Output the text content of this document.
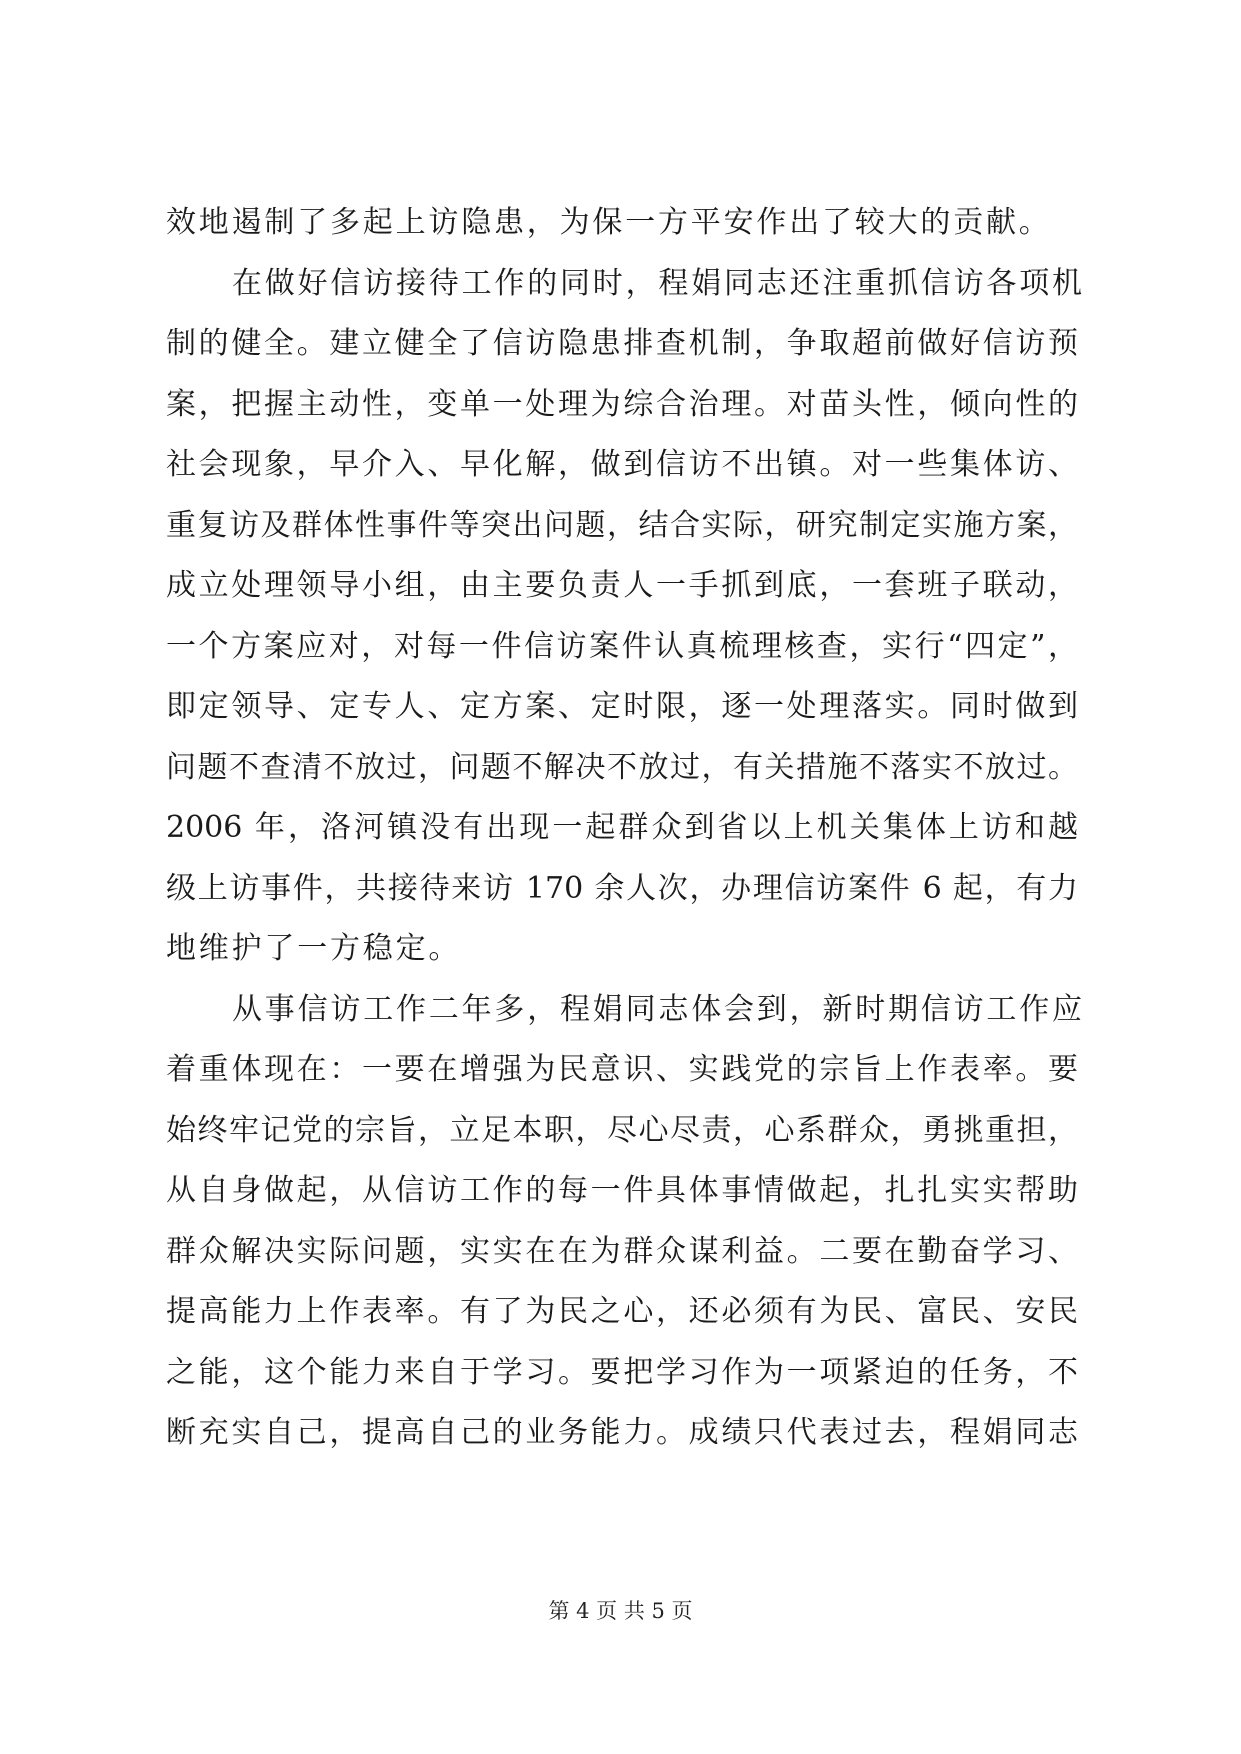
效地遏制了多起上访隐患，为保一方平安作出了较大的贡献。
在做好信访接待工作的同时，程娟同志还注重抓信访各项机
制的健全。建立健全了信访隐患排查机制，争取超前做好信访预
案，把握主动性，变单一处理为综合治理。对苗头性，倾向性的
社会现象，早介入、早化解，做到信访不出镇。对一些集体访、
重复访及群体性事件等突出问题，结合实际，研究制定实施方案，
成立处理领导小组，由主要负责人一手抓到底，一套班子联动，
一个方案应对，对每一件信访案件认真梳理核查，实行“四定”，
即定领导、定专人、定方案、定时限，逐一处理落实。同时做到
问题不查清不放过，问题不解决不放过，有关措施不落实不放过。
2006 年，洛河镇没有出现一起群众到省以上机关集体上访和越
级上访事件，共接待来访 170 余人次，办理信访案件 6 起，有力
地维护了一方稳定。
从事信访工作二年多，程娟同志体会到，新时期信访工作应
着重体现在：一要在增强为民意识、实践党的宗旨上作表率。要
始终牢记党的宗旨，立足本职，尽心尽责，心系群众，勇挑重担，
从自身做起，从信访工作的每一件具体事情做起，扎扎实实帮助
群众解决实际问题，实实在在为群众谋利益。二要在勤奋学习、
提高能力上作表率。有了为民之心，还必须有为民、富民、安民
之能，这个能力来自于学习。要把学习作为一项紧迫的任务，不
断充实自己，提高自己的业务能力。成绩只代表过去，程娟同志
第 4 页 共 5 页
